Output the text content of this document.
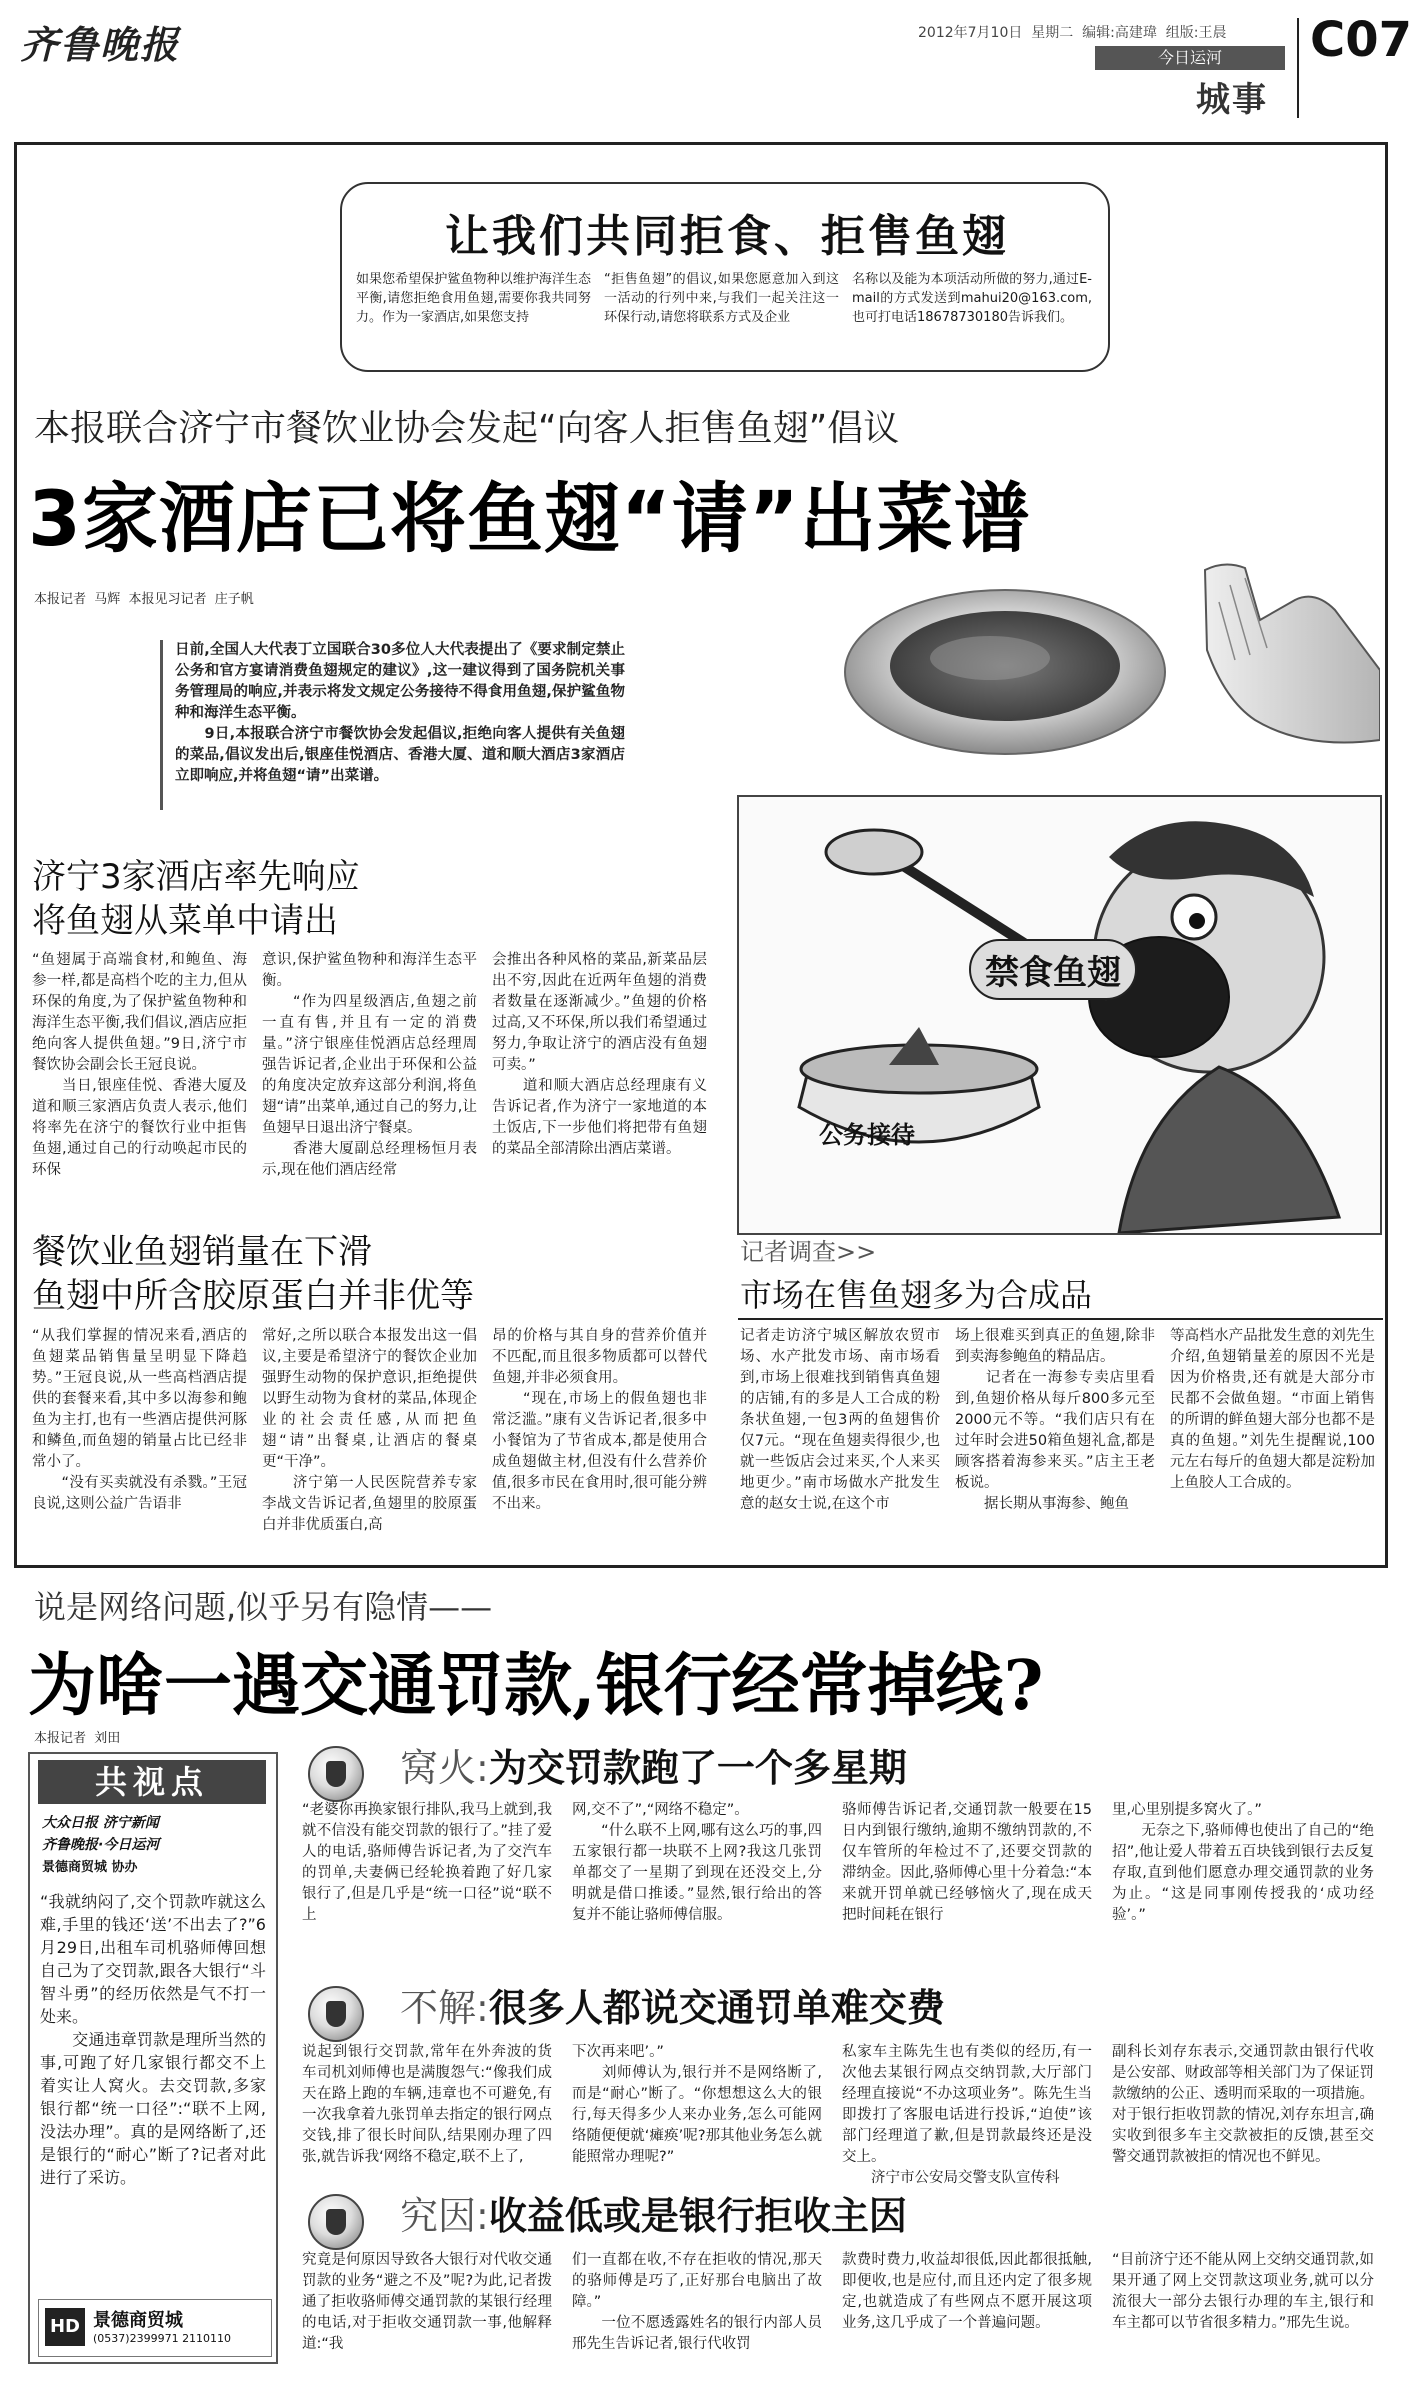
齐鲁晚报	2012年7月10日  星期二  编辑:高建瑋  组版:王晨
今日运河
城事
C07
让我们共同拒食、拒售鱼翅
如果您希望保护鲨鱼物种以维护海洋生态平衡,请您拒绝食用鱼翅,需要你我共同努力。作为一家酒店,如果您支持
“拒售鱼翅”的倡议,如果您愿意加入到这一活动的行列中来,与我们一起关注这一环保行动,请您将联系方式及企业
名称以及能为本项活动所做的努力,通过E-mail的方式发送到mahui20@163.com,也可打电话18678730180告诉我们。
本报联合济宁市餐饮业协会发起“向客人拒售鱼翅”倡议
3家酒店已将鱼翅“请”出菜谱
本报记者  马辉  本报见习记者  庄子帆
日前,全国人大代表丁立国联合30多位人大代表提出了《要求制定禁止公务和官方宴请消费鱼翅规定的建议》,这一建议得到了国务院机关事务管理局的响应,并表示将发文规定公务接待不得食用鱼翅,保护鲨鱼物种和海洋生态平衡。
　　9日,本报联合济宁市餐饮协会发起倡议,拒绝向客人提供有关鱼翅的菜品,倡议发出后,银座佳悦酒店、香港大厦、道和顺大酒店3家酒店立即响应,并将鱼翅“请”出菜谱。
禁食鱼翅
公务接待
济宁3家酒店率先响应
将鱼翅从菜单中请出
“鱼翅属于高端食材,和鲍鱼、海参一样,都是高档个吃的主力,但从环保的角度,为了保护鲨鱼物种和海洋生态平衡,我们倡议,酒店应拒绝向客人提供鱼翅。”9日,济宁市餐饮协会副会长王冠良说。
　　当日,银座佳悦、香港大厦及道和顺三家酒店负责人表示,他们将率先在济宁的餐饮行业中拒售鱼翅,通过自己的行动唤起市民的环保
意识,保护鲨鱼物种和海洋生态平衡。
　　“作为四星级酒店,鱼翅之前一直有售,并且有一定的消费量。”济宁银座佳悦酒店总经理周强告诉记者,企业出于环保和公益的角度决定放弃这部分利润,将鱼翅“请”出菜单,通过自己的努力,让鱼翅早日退出济宁餐桌。
　　香港大厦副总经理杨恒月表示,现在他们酒店经常
会推出各种风格的菜品,新菜品层出不穷,因此在近两年鱼翅的消费者数量在逐渐减少。”鱼翅的价格过高,又不环保,所以我们希望通过努力,争取让济宁的酒店没有鱼翅可卖。”
　　道和顺大酒店总经理康有义告诉记者,作为济宁一家地道的本土饭店,下一步他们将把带有鱼翅的菜品全部清除出酒店菜谱。
餐饮业鱼翅销量在下滑
鱼翅中所含胶原蛋白并非优等
“从我们掌握的情况来看,酒店的鱼翅菜品销售量呈明显下降趋势。”王冠良说,从一些高档酒店提供的套餐来看,其中多以海参和鲍鱼为主打,也有一些酒店提供河豚和鳞鱼,而鱼翅的销量占比已经非常小了。
　　“没有买卖就没有杀戮。”王冠良说,这则公益广告语非
常好,之所以联合本报发出这一倡议,主要是希望济宁的餐饮企业加强野生动物的保护意识,拒绝提供以野生动物为食材的菜品,体现企业的社会责任感,从而把鱼翅“请”出餐桌,让酒店的餐桌更“干净”。
　　济宁第一人民医院营养专家李战文告诉记者,鱼翅里的胶原蛋白并非优质蛋白,高
昂的价格与其自身的营养价值并不匹配,而且很多物质都可以替代鱼翅,并非必须食用。
　　“现在,市场上的假鱼翅也非常泛滥。”康有义告诉记者,很多中小餐馆为了节省成本,都是使用合成鱼翅做主材,但没有什么营养价值,很多市民在食用时,很可能分辨不出来。
记者调查>>
市场在售鱼翅多为合成品
记者走访济宁城区解放农贸市场、水产批发市场、南市场看到,市场上很难找到销售真鱼翅的店铺,有的多是人工合成的粉条状鱼翅,一包3两的鱼翅售价仅7元。“现在鱼翅卖得很少,也就一些饭店会过来买,个人来买地更少。”南市场做水产批发生意的赵女士说,在这个市
场上很难买到真正的鱼翅,除非到卖海参鲍鱼的精品店。
　　记者在一海参专卖店里看到,鱼翅价格从每斤800多元至2000元不等。“我们店只有在过年时会进50箱鱼翅礼盒,都是顾客搭着海参来买。”店主王老板说。
　　据长期从事海参、鲍鱼
等高档水产品批发生意的刘先生介绍,鱼翅销量差的原因不光是因为价格贵,还有就是大部分市民都不会做鱼翅。“市面上销售的所谓的鲜鱼翅大部分也都不是真的鱼翅。”刘先生提醒说,100元左右每斤的鱼翅大都是淀粉加上鱼胶人工合成的。
说是网络问题,似乎另有隐情——
为啥一遇交通罚款,银行经常掉线?
本报记者  刘田
共视点
大众日报 济宁新闻
齐鲁晚报·今日运河
景德商贸城 协办
“我就纳闷了,交个罚款咋就这么难,手里的钱还‘送’不出去了?”6月29日,出租车司机骆师傅回想自己为了交罚款,跟各大银行“斗智斗勇”的经历依然是气不打一处来。
　　交通违章罚款是理所当然的事,可跑了好几家银行都交不上着实让人窝火。去交罚款,多家银行都“统一口径”:“联不上网,没法办理”。真的是网络断了,还是银行的“耐心”断了?记者对此进行了采访。
HD 景德商贸城
(0537)2399971 2110110
窝火:为交罚款跑了一个多星期
“老婆你再换家银行排队,我马上就到,我就不信没有能交罚款的银行了。”挂了爱人的电话,骆师傅告诉记者,为了交汽车的罚单,夫妻俩已经轮换着跑了好几家银行了,但是几乎是“统一口径”说“联不上
网,交不了”,“网络不稳定”。
　　“什么联不上网,哪有这么巧的事,四五家银行都一块联不上网?我这几张罚单都交了一星期了到现在还没交上,分明就是借口推诿。”显然,银行给出的答复并不能让骆师傅信服。
骆师傅告诉记者,交通罚款一般要在15日内到银行缴纳,逾期不缴纳罚款的,不仅车管所的年检过不了,还要交罚款的滞纳金。因此,骆师傅心里十分着急:“本来就开罚单就已经够恼火了,现在成天把时间耗在银行
里,心里别提多窝火了。”
　　无奈之下,骆师傅也使出了自己的“绝招”,他让爱人带着五百块钱到银行去反复存取,直到他们愿意办理交通罚款的业务为止。“这是同事刚传授我的‘成功经验’。”
不解:很多人都说交通罚单难交费
说起到银行交罚款,常年在外奔波的货车司机刘师傅也是满腹怨气:“像我们成天在路上跑的车辆,违章也不可避免,有一次我拿着九张罚单去指定的银行网点交钱,排了很长时间队,结果刚办理了四张,就告诉我‘网络不稳定,联不上了,
下次再来吧’。”
　　刘师傅认为,银行并不是网络断了,而是“耐心”断了。“你想想这么大的银行,每天得多少人来办业务,怎么可能网络随便便就‘瘫痪’呢?那其他业务怎么就能照常办理呢?”
私家车主陈先生也有类似的经历,有一次他去某银行网点交纳罚款,大厅部门经理直接说“不办这项业务”。陈先生当即拨打了客服电话进行投诉,“迫使”该部门经理道了歉,但是罚款最终还是没交上。
　　济宁市公安局交警支队宣传科
副科长刘存东表示,交通罚款由银行代收是公安部、财政部等相关部门为了保证罚款缴纳的公正、透明而采取的一项措施。对于银行拒收罚款的情况,刘存东坦言,确实收到很多车主交款被拒的反馈,甚至交警交通罚款被拒的情况也不鲜见。
究因:收益低或是银行拒收主因
究竟是何原因导致各大银行对代收交通罚款的业务“避之不及”呢?为此,记者拨通了拒收骆师傅交通罚款的某银行经理的电话,对于拒收交通罚款一事,他解释道:“我
们一直都在收,不存在拒收的情况,那天的骆师傅是巧了,正好那台电脑出了故障。”
　　一位不愿透露姓名的银行内部人员邢先生告诉记者,银行代收罚
款费时费力,收益却很低,因此都很抵触,即便收,也是应付,而且还内定了很多规定,也就造成了有些网点不愿开展这项业务,这几乎成了一个普遍问题。
“目前济宁还不能从网上交纳交通罚款,如果开通了网上交罚款这项业务,就可以分流很大一部分去银行办理的车主,银行和车主都可以节省很多精力。”邢先生说。
